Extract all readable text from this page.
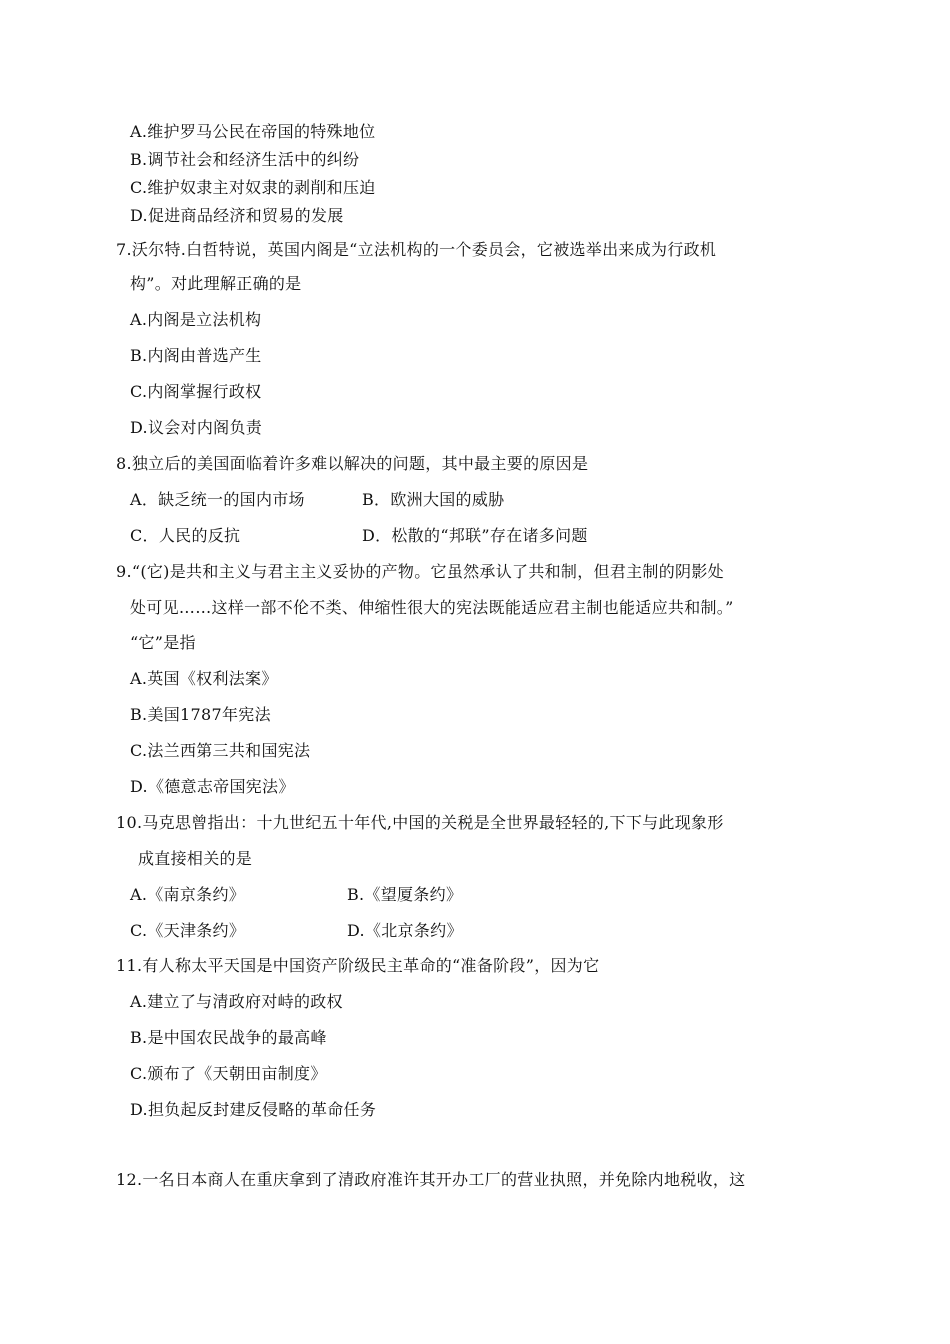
A.维护罗马公民在帝国的特殊地位
B.调节社会和经济生活中的纠纷
C.维护奴隶主对奴隶的剥削和压迫
D.促进商品经济和贸易的发展
7.沃尔特.白哲特说，英国内阁是“立法机构的一个委员会，它被选举出来成为行政机
构”。对此理解正确的是
A.内阁是立法机构
B.内阁由普选产生
C.内阁掌握行政权
D.议会对内阁负责
8.独立后的美国面临着许多难以解决的问题，其中最主要的原因是
A．缺乏统一的国内市场	B．欧洲大国的威胁
C．人民的反抗	D．松散的“邦联”存在诸多问题
9.“(它)是共和主义与君主主义妥协的产物。它虽然承认了共和制，但君主制的阴影处
处可见……这样一部不伦不类、伸缩性很大的宪法既能适应君主制也能适应共和制。”
“它”是指
A.英国《权利法案》
B.美国1787年宪法
C.法兰西第三共和国宪法
D.《德意志帝国宪法》
10.马克思曾指出：十九世纪五十年代,中国的关税是全世界最轻轻的,下下与此现象形
成直接相关的是
A.《南京条约》	B.《望厦条约》
C.《天津条约》	D.《北京条约》
11.有人称太平天国是中国资产阶级民主革命的“准备阶段”，因为它
A.建立了与清政府对峙的政权
B.是中国农民战争的最高峰
C.颁布了《天朝田亩制度》
D.担负起反封建反侵略的革命任务
12.一名日本商人在重庆拿到了清政府准许其开办工厂的营业执照，并免除内地税收，这
